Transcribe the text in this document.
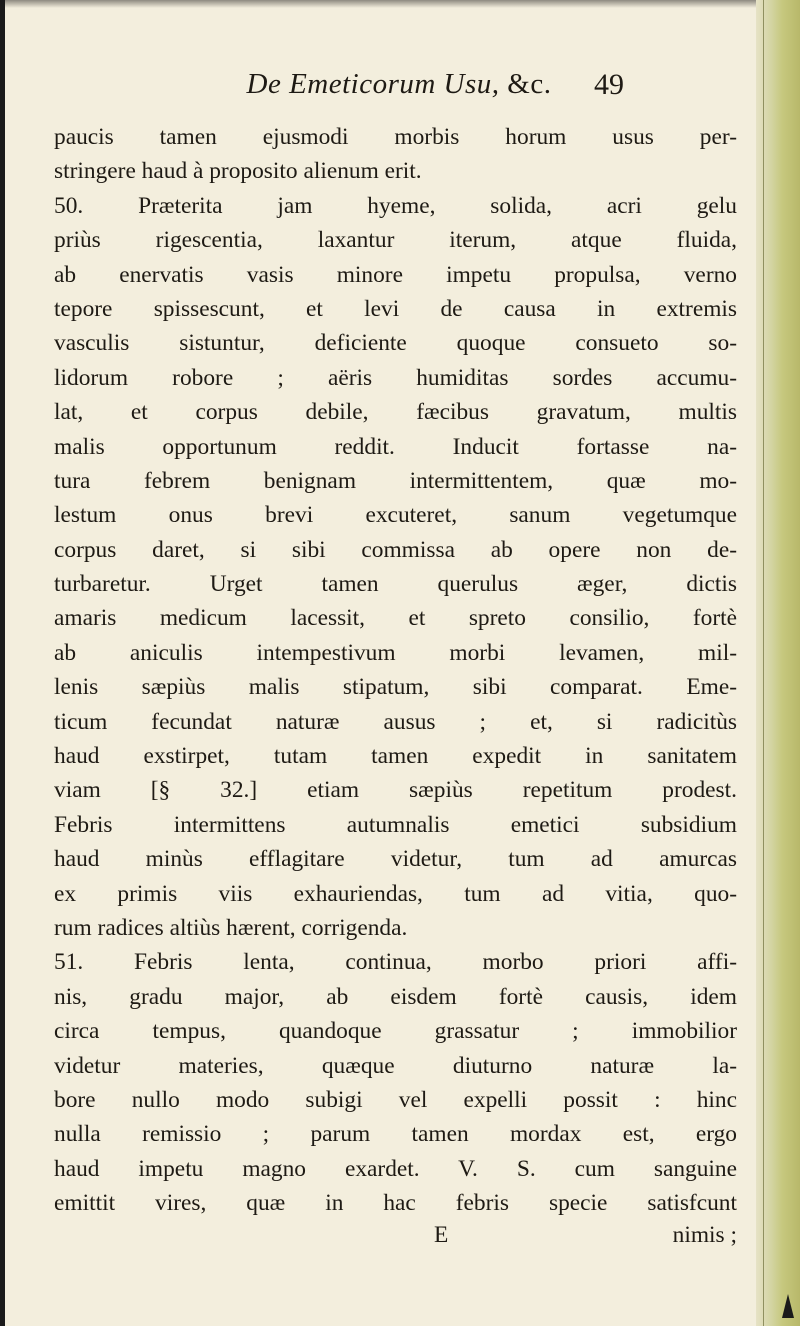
De Emeticorum Usu, &c.	49
paucis tamen ejusmodi morbis horum usus per-
stringere haud à proposito alienum erit.
50. Præterita jam hyeme, solida, acri gelu
priùs rigescentia, laxantur iterum, atque fluida,
ab enervatis vasis minore impetu propulsa, verno
tepore spissescunt, et levi de causa in extremis
vasculis sistuntur, deficiente quoque consueto so-
lidorum robore ; aëris humiditas sordes accumu-
lat, et corpus debile, fæcibus gravatum, multis
malis opportunum reddit. Inducit fortasse na-
tura febrem benignam intermittentem, quæ mo-
lestum onus brevi excuteret, sanum vegetumque
corpus daret, si sibi commissa ab opere non de-
turbaretur. Urget tamen querulus æger, dictis
amaris medicum lacessit, et spreto consilio, fortè
ab aniculis intempestivum morbi levamen, mil-
lenis sæpiùs malis stipatum, sibi comparat. Eme-
ticum fecundat naturæ ausus ; et, si radicitùs
haud exstirpet, tutam tamen expedit in sanitatem
viam [§ 32.] etiam sæpiùs repetitum prodest.
Febris intermittens autumnalis emetici subsidium
haud minùs efflagitare videtur, tum ad amurcas
ex primis viis exhauriendas, tum ad vitia, quo-
rum radices altiùs hærent, corrigenda.
51. Febris lenta, continua, morbo priori affi-
nis, gradu major, ab eisdem fortè causis, idem
circa tempus, quandoque grassatur ; immobilior
videtur materies, quæque diuturno naturæ la-
bore nullo modo subigi vel expelli possit : hinc
nulla remissio ; parum tamen mordax est, ergo
haud impetu magno exardet. V. S. cum sanguine
emittit vires, quæ in hac febris specie satisfcunt
E	nimis ;
